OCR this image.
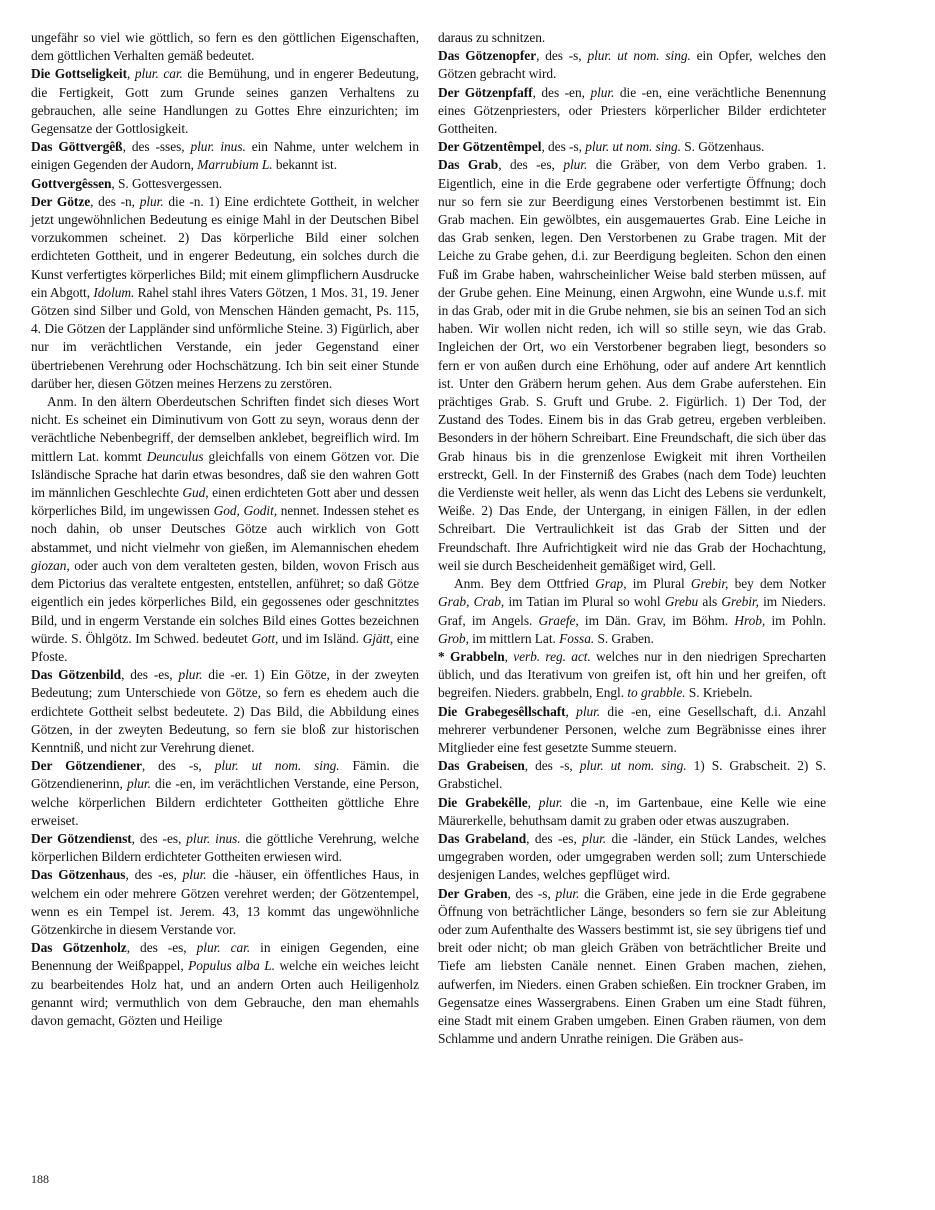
ungefähr so viel wie göttlich, so fern es den göttlichen Eigenschaften, dem göttlichen Verhalten gemäß bedeutet.

Die Gottseligkeit, plur. car. die Bemühung, und in engerer Bedeutung, die Fertigkeit, Gott zum Grunde seines ganzen Verhaltens zu gebrauchen, alle seine Handlungen zu Gottes Ehre einzurichten; im Gegensatze der Gottlosigkeit.

Das Göttvergêß, des -sses, plur. inus. ein Nahme, unter welchem in einigen Gegenden der Audorn, Marrubium L. bekannt ist.

Gottvergêssen, S. Gottesvergessen.

Der Götze, des -n, plur. die -n. 1) Eine erdichtete Gottheit, in welcher jetzt ungewöhnlichen Bedeutung es einige Mahl in der Deutschen Bibel vorzukommen scheinet. 2) Das körperliche Bild einer solchen erdichteten Gottheit, und in engerer Bedeutung, ein solches durch die Kunst verfertigtes körperliches Bild; mit einem glimpflichern Ausdrucke ein Abgott, Idolum. Rahel stahl ihres Vaters Götzen, 1 Mos. 31, 19. Jener Götzen sind Silber und Gold, von Menschen Händen gemacht, Ps. 115, 4. Die Götzen der Lappländer sind unförmliche Steine. 3) Figürlich, aber nur im verächtlichen Verstande, ein jeder Gegenstand einer übertriebenen Verehrung oder Hochschätzung. Ich bin seit einer Stunde darüber her, diesen Götzen meines Herzens zu zerstören.

Anm. In den ältern Oberdeutschen Schriften findet sich dieses Wort nicht. Es scheinet ein Diminutivum von Gott zu seyn, woraus denn der verächtliche Nebenbegriff, der demselben anklebet, begreiflich wird. Im mittlern Lat. kommt Deunculus gleichfalls von einem Götzen vor. Die Isländische Sprache hat darin etwas besondres, daß sie den wahren Gott im männlichen Geschlechte Gud, einen erdichteten Gott aber und dessen körperliches Bild, im ungewissen God, Godit, nennet. Indessen stehet es noch dahin, ob unser Deutsches Götze auch wirklich von Gott abstammet, und nicht vielmehr von gießen, im Alemannischen ehedem giozan, oder auch von dem veralteten gesten, bilden, wovon Frisch aus dem Pictorius das veraltete entgesten, entstellen, anführet; so daß Götze eigentlich ein jedes körperliches Bild, ein gegossenes oder geschnitztes Bild, und in engerm Verstande ein solches Bild eines Gottes bezeichnen würde. S. Öhlgötz. Im Schwed. bedeutet Gott, und im Isländ. Gjätt, eine Pfoste.

Das Götzenbild, des -es, plur. die -er. 1) Ein Götze, in der zweyten Bedeutung; zum Unterschiede von Götze, so fern es ehedem auch die erdichtete Gottheit selbst bedeutete. 2) Das Bild, die Abbildung eines Götzen, in der zweyten Bedeutung, so fern sie bloß zur historischen Kenntniß, und nicht zur Verehrung dienet.

Der Götzendiener, des -s, plur. ut nom. sing. Fämin. die Götzendienerinn, plur. die -en, im verächtlichen Verstande, eine Person, welche körperlichen Bildern erdichteter Gottheiten göttliche Ehre erweiset.

Der Götzendienst, des -es, plur. inus. die göttliche Verehrung, welche körperlichen Bildern erdichteter Gottheiten erwiesen wird.

Das Götzenhaus, des -es, plur. die -häuser, ein öffentliches Haus, in welchem ein oder mehrere Götzen verehret werden; der Götzentempel, wenn es ein Tempel ist. Jerem. 43, 13 kommt das ungewöhnliche Götzenkirche in diesem Verstande vor.

Das Götzenholz, des -es, plur. car. in einigen Gegenden, eine Benennung der Weißpappel, Populus alba L. welche ein weiches leicht zu bearbeitendes Holz hat, und an andern Orten auch Heiligenholz genannt wird; vermuthlich von dem Gebrauche, den man ehemahls davon gemacht, Gözten und Heilige

daraus zu schnitzen.

Das Götzenopfer, des -s, plur. ut nom. sing. ein Opfer, welches den Götzen gebracht wird.

Der Götzenpfaff, des -en, plur. die -en, eine verächtliche Benennung eines Götzenpriesters, oder Priesters körperlicher Bilder erdichteter Gottheiten.

Der Götzentêmpel, des -s, plur. ut nom. sing. S. Götzenhaus.

Das Grab, des -es, plur. die Gräber, von dem Verbo graben. 1. Eigentlich, eine in die Erde gegrabene oder verfertigte Öffnung; doch nur so fern sie zur Beerdigung eines Verstorbenen bestimmt ist. Ein Grab machen. Ein gewölbtes, ein ausgemauertes Grab. Eine Leiche in das Grab senken, legen. Den Verstorbenen zu Grabe tragen. Mit der Leiche zu Grabe gehen, d.i. zur Beerdigung begleiten. Schon den einen Fuß im Grabe haben, wahrscheinlicher Weise bald sterben müssen, auf der Grube gehen. Eine Meinung, einen Argwohn, eine Wunde u.s.f. mit in das Grab, oder mit in die Grube nehmen, sie bis an seinen Tod an sich haben. Wir wollen nicht reden, ich will so stille seyn, wie das Grab. Ingleichen der Ort, wo ein Verstorbener begraben liegt, besonders so fern er von außen durch eine Erhöhung, oder auf andere Art kenntlich ist. Unter den Gräbern herum gehen. Aus dem Grabe auferstehen. Ein prächtiges Grab. S. Gruft und Grube. 2. Figürlich. 1) Der Tod, der Zustand des Todes. Einem bis in das Grab getreu, ergeben verbleiben. Besonders in der höhern Schreibart. Eine Freundschaft, die sich über das Grab hinaus bis in die grenzenlose Ewigkeit mit ihren Vortheilen erstreckt, Gell. In der Finsterniß des Grabes (nach dem Tode) leuchten die Verdienste weit heller, als wenn das Licht des Lebens sie verdunkelt, Weiße. 2) Das Ende, der Untergang, in einigen Fällen, in der edlen Schreibart. Die Vertraulichkeit ist das Grab der Sitten und der Freundschaft. Ihre Aufrichtigkeit wird nie das Grab der Hochachtung, weil sie durch Bescheidenheit gemäßiget wird, Gell.

Anm. Bey dem Ottfried Grap, im Plural Grebir, bey dem Notker Grab, Crab, im Tatian im Plural so wohl Grebu als Grebir, im Nieders. Graf, im Angels. Graefe, im Dän. Grav, im Böhm. Hrob, im Pohln. Grob, im mittlern Lat. Fossa. S. Graben.

* Grabbeln, verb. reg. act. welches nur in den niedrigen Sprecharten üblich, und das Iterativum von greifen ist, oft hin und her greifen, oft begreifen. Nieders. grabbeln, Engl. to grabble. S. Kriebeln.

Die Grabegesêllschaft, plur. die -en, eine Gesellschaft, d.i. Anzahl mehrerer verbundener Personen, welche zum Begräbnisse eines ihrer Mitglieder eine fest gesetzte Summe steuern.

Das Grabeisen, des -s, plur. ut nom. sing. 1) S. Grabscheit. 2) S. Grabstichel.

Die Grabekêlle, plur. die -n, im Gartenbaue, eine Kelle wie eine Mäurerkelle, behuthsam damit zu graben oder etwas auszugraben.

Das Grabeland, des -es, plur. die -länder, ein Stück Landes, welches umgegraben worden, oder umgegraben werden soll; zum Unterschiede desjenigen Landes, welches gepflüget wird.

Der Graben, des -s, plur. die Gräben, eine jede in die Erde gegrabene Öffnung von beträchtlicher Länge, besonders so fern sie zur Ableitung oder zum Aufenthalte des Wassers bestimmt ist, sie sey übrigens tief und breit oder nicht; ob man gleich Gräben von beträchtlicher Breite und Tiefe am liebsten Canäle nennet. Einen Graben machen, ziehen, aufwerfen, im Nieders. einen Graben schießen. Ein trockner Graben, im Gegensatze eines Wassergrabens. Einen Graben um eine Stadt führen, eine Stadt mit einem Graben umgeben. Einen Graben räumen, von dem Schlamme und andern Unrathe reinigen. Die Gräben aus-

188
